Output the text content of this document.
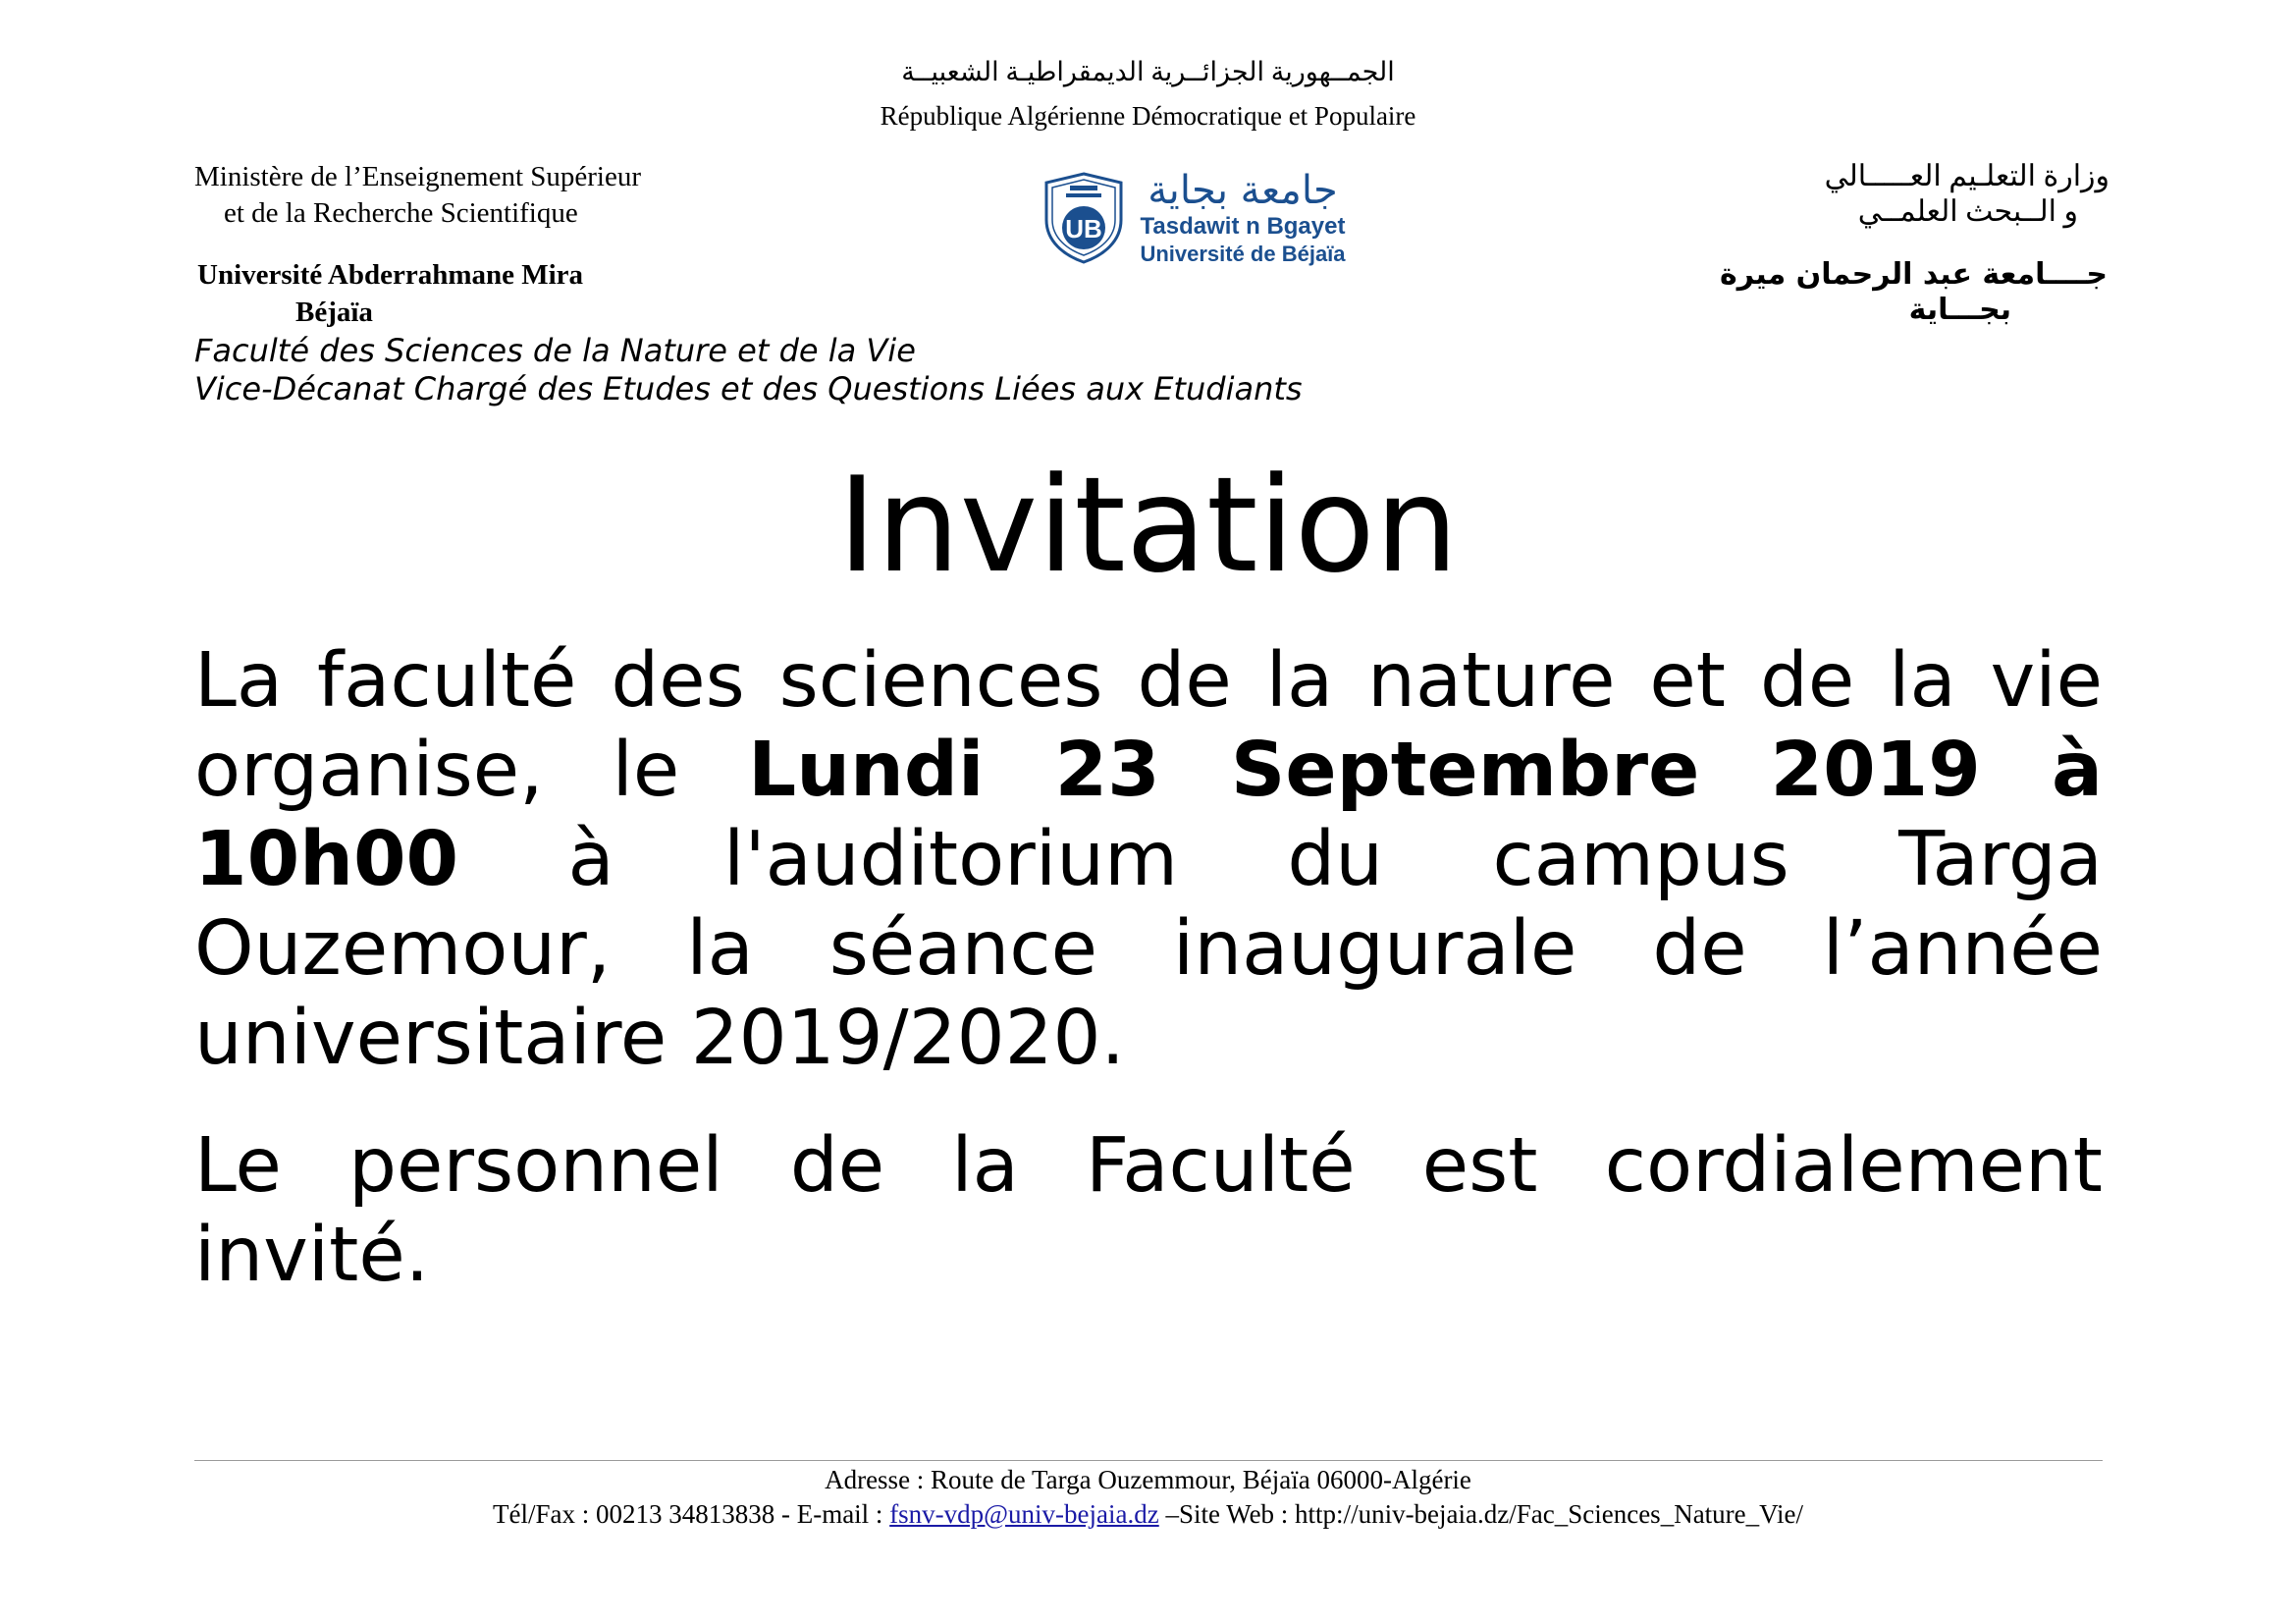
الجمــهورية الجزائــرية الديمقراطيـة الشعبيــة
République Algérienne Démocratique et Populaire
Ministère de l’Enseignement Supérieur
et de la Recherche Scientifique
Université Abderrahmane Mira
Béjaïa
Faculté des Sciences de la Nature et de la Vie
Vice-Décanat Chargé des Etudes et des Questions Liées aux Etudiants
وزارة التعلـيم العـــــالي
و الــبحث العلمــي
جــــامعة عبد الرحمان ميرة
بجـــاية
UB
جامعة بجاية
Tasdawit n Bgayet
Université de Béjaïa
Invitation

La faculté des sciences de la nature et de la vie organise, le Lundi 23 Septembre 2019 à 10h00 à l'auditorium du campus Targa Ouzemour, la séance inaugurale de l’année universitaire 2019/2020.

Le personnel de la Faculté est cordialement invité.

Adresse : Route de Targa Ouzemmour, Béjaïa 06000-Algérie
Tél/Fax : 00213 34813838 - E-mail : fsnv-vdp@univ-bejaia.dz –Site Web : http://univ-bejaia.dz/Fac_Sciences_Nature_Vie/
